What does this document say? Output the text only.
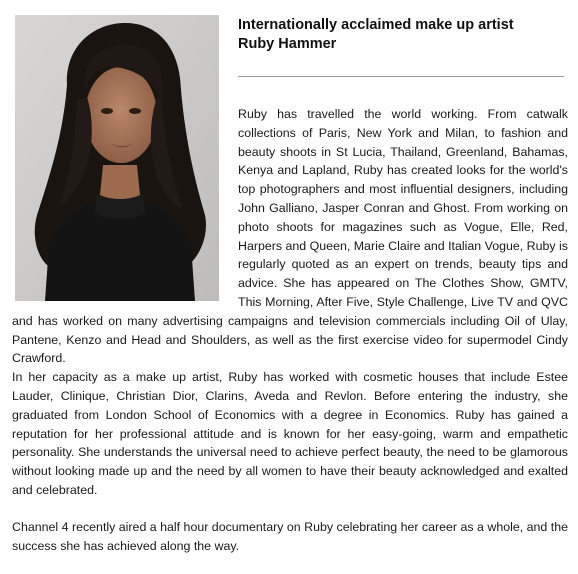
Internationally acclaimed make up artist
Ruby Hammer

Ruby has travelled the world working. From catwalk collections of Paris, New York and Milan, to fashion and beauty shoots in St Lucia, Thailand, Greenland, Bahamas, Kenya and Lapland, Ruby has created looks for the world's top photographers and most influential designers, including John Galliano, Jasper Conran and Ghost. From working on photo shoots for magazines such as Vogue, Elle, Red, Harpers and Queen, Marie Claire and Italian Vogue, Ruby is regularly quoted as an expert on trends, beauty tips and advice. She has appeared on The Clothes Show, GMTV, This Morning, After Five, Style Challenge, Live TV and QVC and has worked on many advertising campaigns and television commercials including Oil of Ulay, Pantene, Kenzo and Head and Shoulders, as well as the first exercise video for supermodel Cindy Crawford.

In her capacity as a make up artist, Ruby has worked with cosmetic houses that include Estee Lauder, Clinique, Christian Dior, Clarins, Aveda and Revlon. Before entering the industry, she graduated from London School of Economics with a degree in Economics. Ruby has gained a reputation for her professional attitude and is known for her easy-going, warm and empathetic personality. She understands the universal need to achieve perfect beauty, the need to be glamorous without looking made up and the need by all women to have their beauty acknowledged and exalted and celebrated.

Channel 4 recently aired a half hour documentary on Ruby celebrating her career as a whole, and the success she has achieved along the way.
